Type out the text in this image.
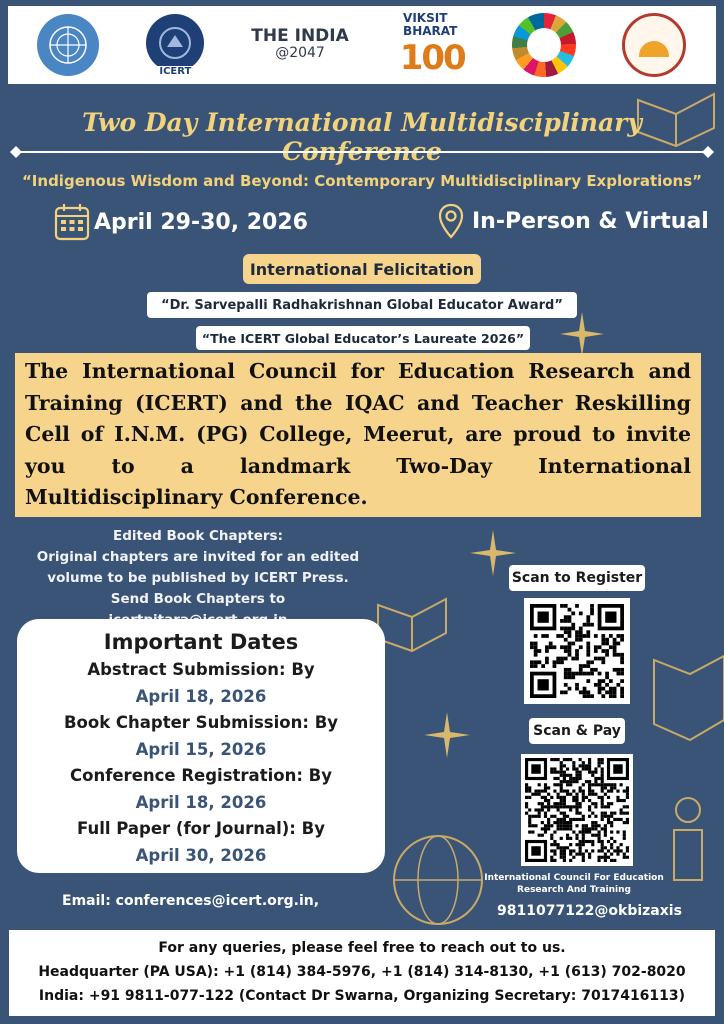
ICERT
THE INDIA
@2047
VIKSIT
BHARAT
100
Two Day International Multidisciplinary Conference
“Indigenous Wisdom and Beyond: Contemporary Multidisciplinary Explorations”
April 29-30, 2026	In-Person & Virtual
International Felicitation
“Dr. Sarvepalli Radhakrishnan Global Educator Award”
“The ICERT Global Educator’s Laureate 2026”
The International Council for Education Research and Training (ICERT) and the IQAC and Teacher Reskilling Cell of I.N.M. (PG) College, Meerut, are proud to invite you to a landmark Two-Day International Multidisciplinary Conference.
Edited Book Chapters:
Original chapters are invited for an edited volume to be published by ICERT Press. Send Book Chapters to
Important Dates
Abstract Submission: By
April 18, 2026
Book Chapter Submission: By
April 15, 2026
Conference Registration: By
April 18, 2026
Full Paper (for Journal): By
April 30, 2026
Email: conferences@icert.org.in,
Scan to Register
Scan & Pay
International Council For Education Research And Training
9811077122@okbizaxis
For any queries, please feel free to reach out to us.
Headquarter (PA USA): +1 (814) 384-5976, +1 (814) 314-8130, +1 (613) 702-8020
India: +91 9811-077-122 (Contact Dr Swarna, Organizing Secretary: 7017416113)
